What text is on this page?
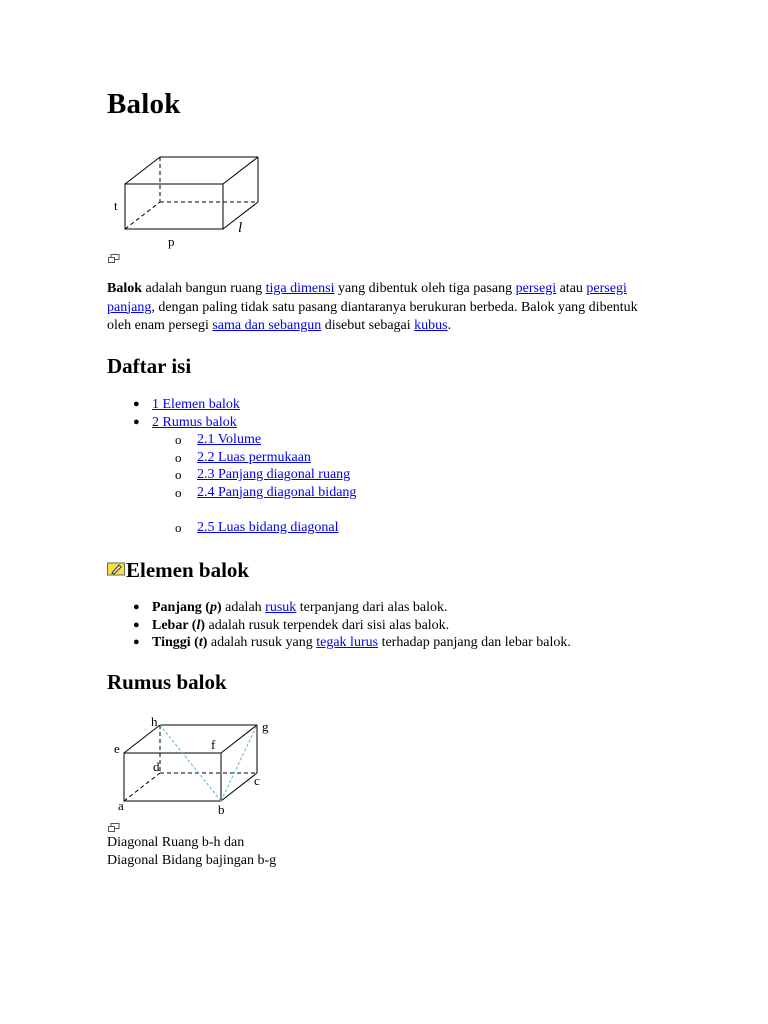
Balok
t
p
l

Balok adalah bangun ruang tiga dimensi yang dibentuk oleh tiga pasang persegi atau persegi panjang, dengan paling tidak satu pasang diantaranya berukuran berbeda. Balok yang dibentuk oleh enam persegi sama dan sebangun disebut sebagai kubus.

Daftar isi
● 1 Elemen balok
● 2 Rumus balok
o 2.1 Volume
o 2.2 Luas permukaan
o 2.3 Panjang diagonal ruang
o 2.4 Panjang diagonal bidang
o 2.5 Luas bidang diagonal
Elemen balok
● Panjang (p) adalah rusuk terpanjang dari alas balok.
● Lebar (l) adalah rusuk terpendek dari sisi alas balok.
● Tinggi (t) adalah rusuk yang tegak lurus terhadap panjang dan lebar balok.
Rumus balok
a	b
c
d
e	f
g
h
Diagonal Ruang b-h dan
Diagonal Bidang bajingan b-g
